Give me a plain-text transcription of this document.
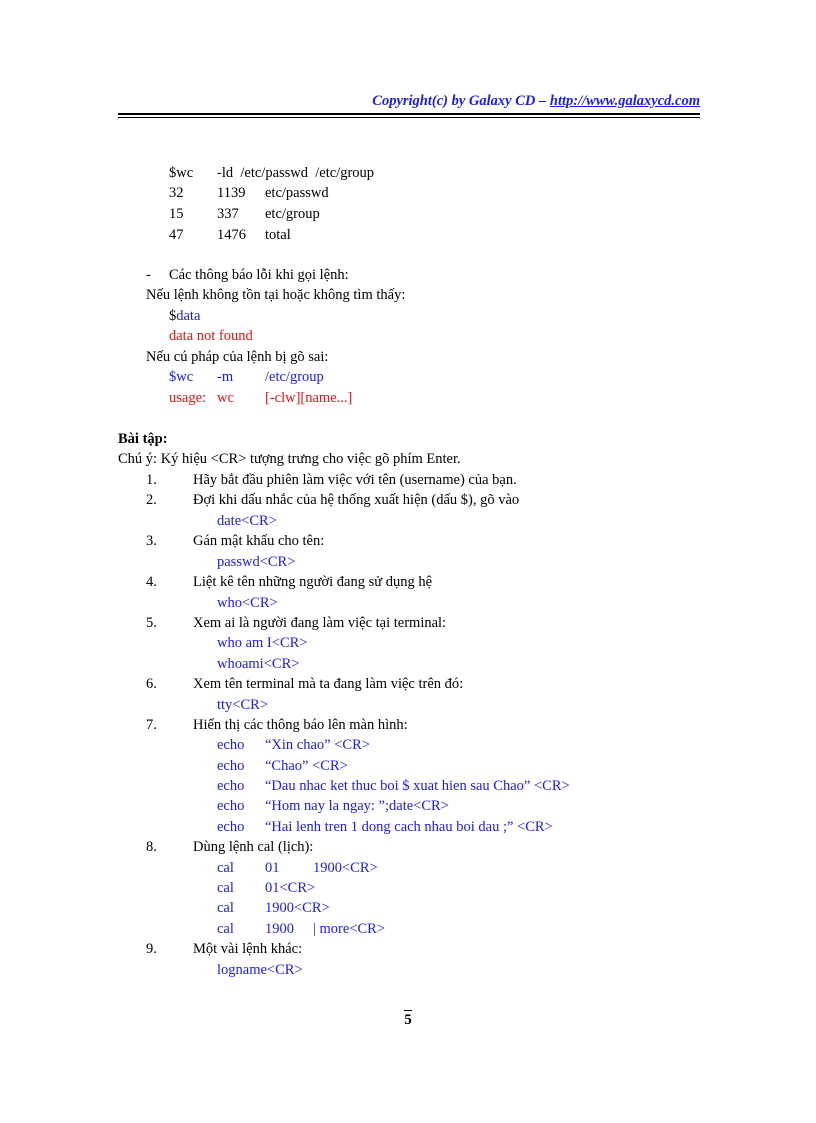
Copyright(c) by Galaxy CD – http://www.galaxycd.com
$wc -ld  /etc/passwd  /etc/group
32 1139 etc/passwd
15 337 etc/group
47 1476 total
- Các thông báo lỗi khi gọi lệnh:
Nếu lệnh không tồn tại hoặc không tìm thấy:
$data
data not found
Nếu cú pháp của lệnh bị gõ sai:
$wc -m /etc/group
usage: wc [-clw][name...]
Bài tập:
Chú ý: Ký hiệu <CR> tượng trưng cho việc gõ phím Enter.
1. Hãy bắt đầu phiên làm việc với tên (username) của bạn.
2. Đợi khi dấu nhắc của hệ thống xuất hiện (dấu $), gõ vào
date<CR>
3. Gán mật khẩu cho tên:
passwd<CR>
4. Liệt kê tên những người đang sử dụng hệ
who<CR>
5. Xem ai là người đang làm việc tại terminal:
who am I<CR>
whoami<CR>
6. Xem tên terminal mà ta đang làm việc trên đó:
tty<CR>
7. Hiển thị các thông báo lên màn hình:
echo “Xin chao” <CR>
echo “Chao” <CR>
echo “Dau nhac ket thuc boi $ xuat hien sau Chao” <CR>
echo “Hom nay la ngay: ”;date<CR>
echo “Hai lenh tren 1 dong cach nhau boi dau ;” <CR>
8. Dùng lệnh cal (lịch):
cal 01 1900<CR>
cal 01<CR>
cal 1900<CR>
cal 1900 | more<CR>
9. Một vài lệnh khác:
logname<CR>
5
